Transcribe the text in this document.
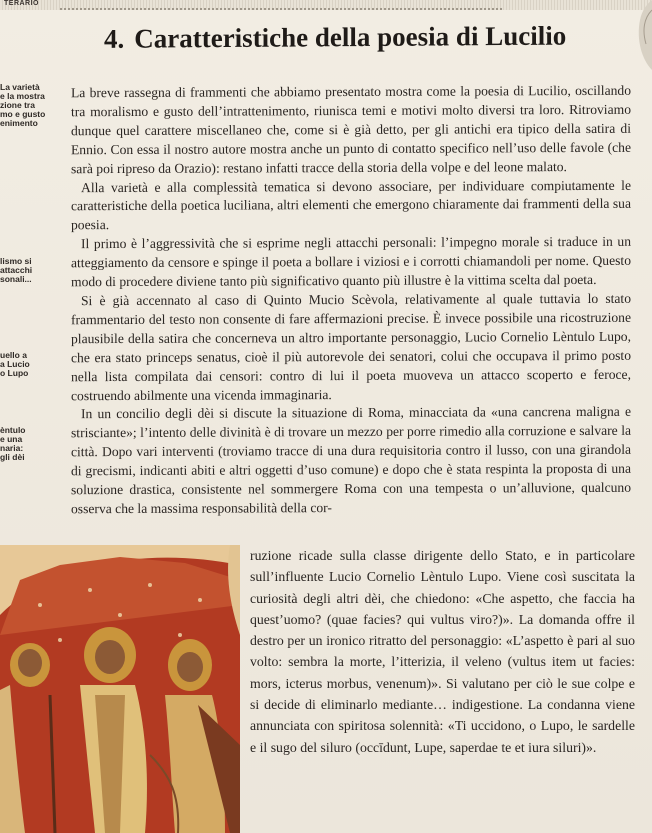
TERARIO
4. Caratteristiche della poesia di Lucilio
La varietà
e la mostra
zione tra
mo e gusto
enimento
lismo si
attacchi
sonali...
uello a
a Lucio
o Lupo
èntulo
e una
naria:
gli dèi

La breve rassegna di frammenti che abbiamo presentato mostra come la poesia di Lucilio, oscillando tra moralismo e gusto dell’intrattenimento, riunisca temi e motivi molto diversi tra loro. Ritroviamo dunque quel carattere miscellaneo che, come si è già detto, per gli antichi era tipico della satira di Ennio. Con essa il nostro autore mostra anche un punto di contatto specifico nell’uso delle favole (che sarà poi ripreso da Orazio): restano infatti tracce della storia della volpe e del leone malato.

Alla varietà e alla complessità tematica si devono associare, per individuare compiutamente le caratteristiche della poetica luciliana, altri elementi che emergono chiaramente dai frammenti della sua poesia.

Il primo è l’aggressività che si esprime negli attacchi personali: l’impegno morale si traduce in un atteggiamento da censore e spinge il poeta a bollare i viziosi e i corrotti chiamandoli per nome. Questo modo di procedere diviene tanto più significativo quanto più illustre è la vittima scelta dal poeta.

Si è già accennato al caso di Quinto Mucio Scèvola, relativamente al quale tuttavia lo stato frammentario del testo non consente di fare affermazioni precise. È invece possibile una ricostruzione plausibile della satira che concerneva un altro importante personaggio, Lucio Cornelio Lèntulo Lupo, che era stato princeps senatus, cioè il più autorevole dei senatori, colui che occupava il primo posto nella lista compilata dai censori: contro di lui il poeta muoveva un attacco scoperto e feroce, costruendo abilmente una vicenda immaginaria.

In un concilio degli dèi si discute la situazione di Roma, minacciata da «una cancrena maligna e strisciante»; l’intento delle divinità è di trovare un mezzo per porre rimedio alla corruzione e salvare la città. Dopo vari interventi (troviamo tracce di una dura requisitoria contro il lusso, con una girandola di grecismi, indicanti abiti e altri oggetti d’uso comune) e dopo che è stata respinta la proposta di una soluzione drastica, consistente nel sommergere Roma con una tempesta o un’alluvione, qualcuno osserva che la massima responsabilità della cor-

ruzione ricade sulla classe dirigente dello Stato, e in particolare sull’influente Lucio Cornelio Lèntulo Lupo. Viene così suscitata la curiosità degli altri dèi, che chiedono: «Che aspetto, che faccia ha quest’uomo? (quae facies? qui vultus viro?)». La domanda offre il destro per un ironico ritratto del personaggio: «L’aspetto è pari al suo volto: sembra la morte, l’itterizia, il veleno (vultus item ut facies: mors, icterus morbus, venenum)». Si valutano per ciò le sue colpe e si decide di eliminarlo mediante… indigestione. La condanna viene annunciata con spiritosa solennità: «Ti uccidono, o Lupo, le sardelle e il sugo del siluro (occīdunt, Lupe, saperdae te et iura siluri)».
